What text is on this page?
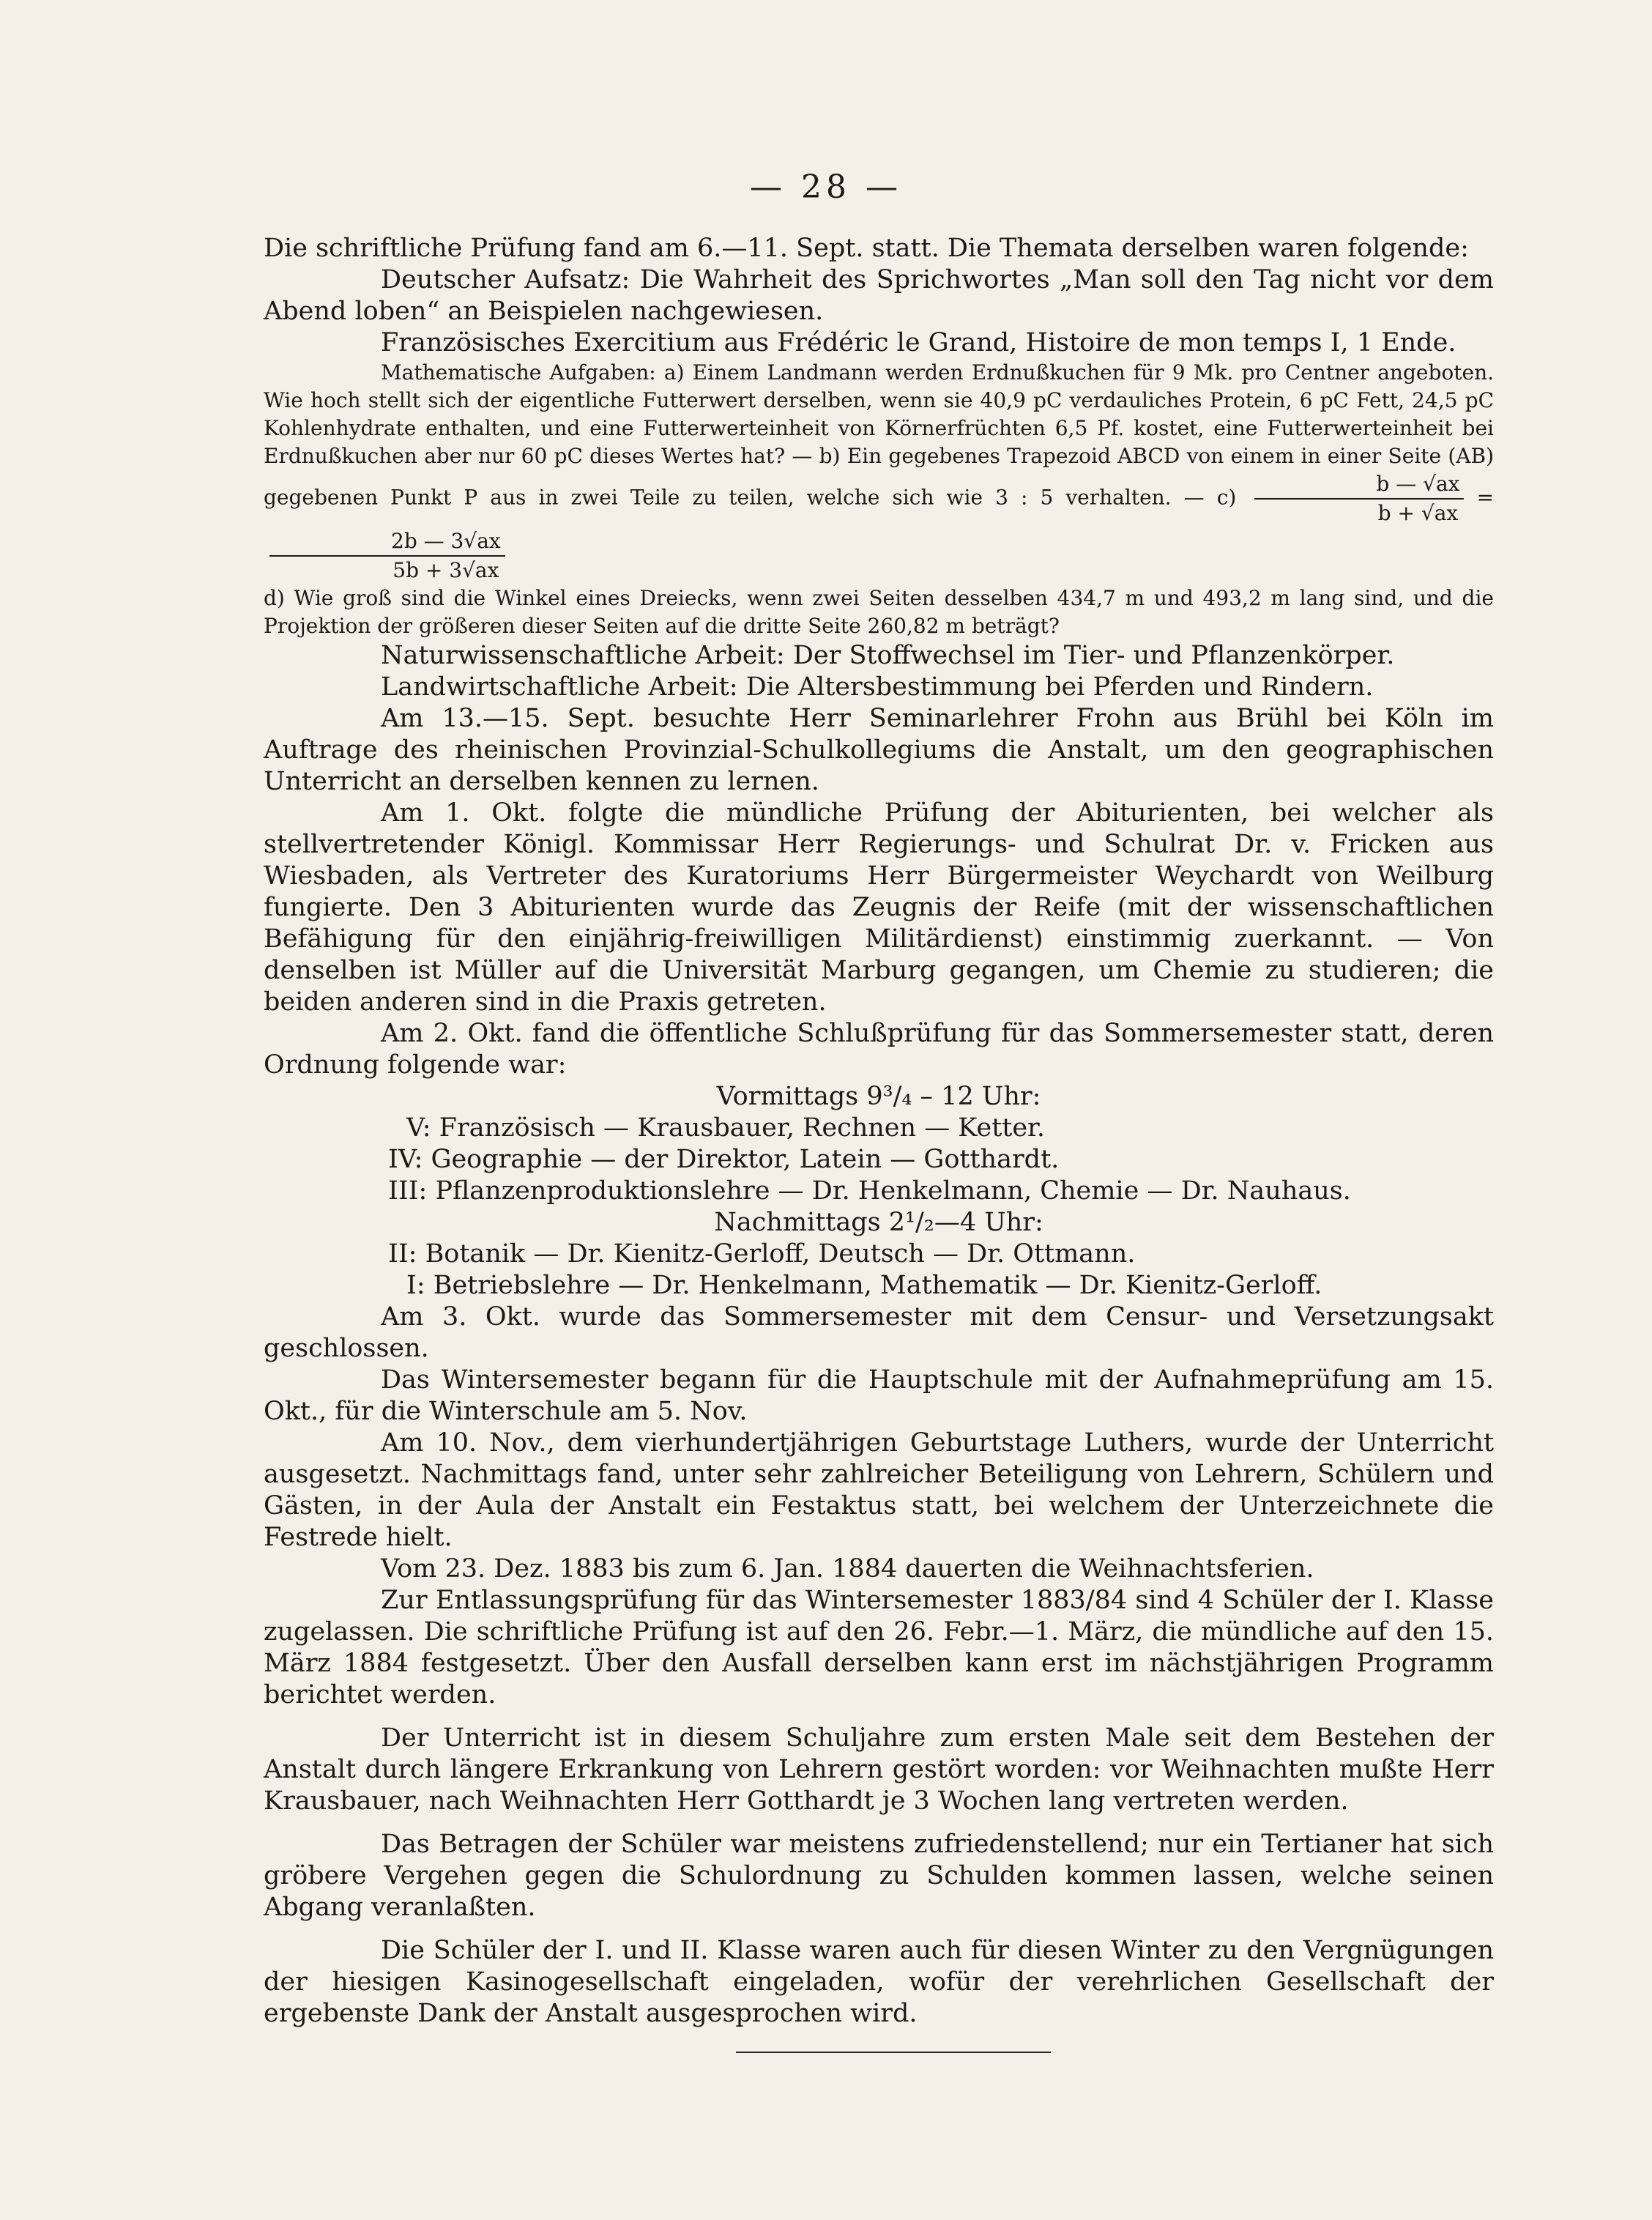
— 28 —

Die schriftliche Prüfung fand am 6.—11. Sept. statt. Die Themata derselben waren folgende:

Deutscher Aufsatz: Die Wahrheit des Sprichwortes „Man soll den Tag nicht vor dem Abend loben“ an Beispielen nachgewiesen.

Französisches Exercitium aus Frédéric le Grand, Histoire de mon temps I, 1 Ende.

Mathematische Aufgaben: a) Einem Landmann werden Erdnußkuchen für 9 Mk. pro Centner angeboten. Wie hoch stellt sich der eigentliche Futterwert derselben, wenn sie 40,9 pC verdauliches Protein, 6 pC Fett, 24,5 pC Kohlenhydrate enthalten, und eine Futterwerteinheit von Körnerfrüchten 6,5 Pf. kostet, eine Futterwerteinheit bei Erdnußkuchen aber nur 60 pC dieses Wertes hat? — b) Ein gegebenes Trapezoid ABCD von einem in einer Seite (AB) gegebenen Punkt P aus in zwei Teile zu teilen, welche sich wie 3 : 5 verhalten. — $c) \frac{b — √ax}{b + √ax}$ =
$\frac{2b — 3√ax}{5b + 3√ax}$

d) Wie groß sind die Winkel eines Dreiecks, wenn zwei Seiten desselben 434,7 m und 493,2 m lang sind, und die Projektion der größeren dieser Seiten auf die dritte Seite 260,82 m beträgt?

Naturwissenschaftliche Arbeit: Der Stoffwechsel im Tier- und Pflanzenkörper.

Landwirtschaftliche Arbeit: Die Altersbestimmung bei Pferden und Rindern.

Am 13.—15. Sept. besuchte Herr Seminarlehrer Frohn aus Brühl bei Köln im Auftrage des rheinischen Provinzial-Schulkollegiums die Anstalt, um den geographischen Unterricht an derselben kennen zu lernen.

Am 1. Okt. folgte die mündliche Prüfung der Abiturienten, bei welcher als stellvertretender Königl. Kommissar Herr Regierungs- und Schulrat Dr. v. Fricken aus Wiesbaden, als Vertreter des Kuratoriums Herr Bürgermeister Weychardt von Weilburg fungierte. Den 3 Abiturienten wurde das Zeugnis der Reife (mit der wissenschaftlichen Befähigung für den einjährig-freiwilligen Militärdienst) einstimmig zuerkannt. — Von denselben ist Müller auf die Universität Marburg gegangen, um Chemie zu studieren; die beiden anderen sind in die Praxis getreten.

Am 2. Okt. fand die öffentliche Schlußprüfung für das Sommersemester statt, deren Ordnung folgende war:

Vormittags 9³/₄ – 12 Uhr:

V: Französisch — Krausbauer, Rechnen — Ketter.

IV: Geographie — der Direktor, Latein — Gotthardt.

III: Pflanzenproduktionslehre — Dr. Henkelmann, Chemie — Dr. Nauhaus.

Nachmittags 2¹/₂—4 Uhr:

II: Botanik — Dr. Kienitz-Gerloff, Deutsch — Dr. Ottmann.

I: Betriebslehre — Dr. Henkelmann, Mathematik — Dr. Kienitz-Gerloff.

Am 3. Okt. wurde das Sommersemester mit dem Censur- und Versetzungsakt geschlossen.

Das Wintersemester begann für die Hauptschule mit der Aufnahmeprüfung am 15. Okt., für die Winterschule am 5. Nov.

Am 10. Nov., dem vierhundertjährigen Geburtstage Luthers, wurde der Unterricht ausgesetzt. Nachmittags fand, unter sehr zahlreicher Beteiligung von Lehrern, Schülern und Gästen, in der Aula der Anstalt ein Festaktus statt, bei welchem der Unterzeichnete die Festrede hielt.

Vom 23. Dez. 1883 bis zum 6. Jan. 1884 dauerten die Weihnachtsferien.

Zur Entlassungsprüfung für das Wintersemester 1883/84 sind 4 Schüler der I. Klasse zugelassen. Die schriftliche Prüfung ist auf den 26. Febr.—1. März, die mündliche auf den 15. März 1884 festgesetzt. Über den Ausfall derselben kann erst im nächstjährigen Programm berichtet werden.

Der Unterricht ist in diesem Schuljahre zum ersten Male seit dem Bestehen der Anstalt durch längere Erkrankung von Lehrern gestört worden: vor Weihnachten mußte Herr Krausbauer, nach Weihnachten Herr Gotthardt je 3 Wochen lang vertreten werden.

Das Betragen der Schüler war meistens zufriedenstellend; nur ein Tertianer hat sich gröbere Vergehen gegen die Schulordnung zu Schulden kommen lassen, welche seinen Abgang veranlaßten.

Die Schüler der I. und II. Klasse waren auch für diesen Winter zu den Vergnügungen der hiesigen Kasinogesellschaft eingeladen, wofür der verehrlichen Gesellschaft der ergebenste Dank der Anstalt ausgesprochen wird.
